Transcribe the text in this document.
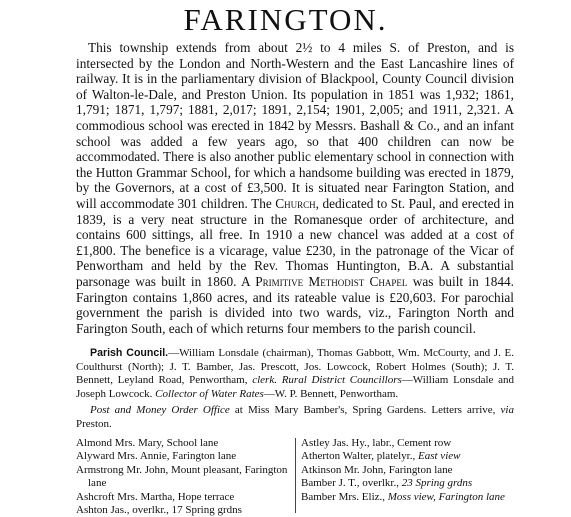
FARINGTON.

This township extends from about 2½ to 4 miles S. of Preston, and is intersected by the London and North-Western and the East Lancashire lines of railway. It is in the parliamentary division of Blackpool, County Council division of Walton-le-Dale, and Preston Union. Its population in 1851 was 1,932; 1861, 1,791; 1871, 1,797; 1881, 2,017; 1891, 2,154; 1901, 2,005; and 1911, 2,321. A commodious school was erected in 1842 by Messrs. Bashall & Co., and an infant school was added a few years ago, so that 400 children can now be accommodated. There is also another public elementary school in connection with the Hutton Grammar School, for which a handsome building was erected in 1879, by the Governors, at a cost of £3,500. It is situated near Farington Station, and will accommodate 301 children. The Church, dedicated to St. Paul, and erected in 1839, is a very neat structure in the Romanesque order of architecture, and contains 600 sittings, all free. In 1910 a new chancel was added at a cost of £1,800. The benefice is a vicarage, value £230, in the patronage of the Vicar of Penwortham and held by the Rev. Thomas Huntington, B.A. A substantial parsonage was built in 1860. A Primitive Methodist Chapel was built in 1844. Farington contains 1,860 acres, and its rateable value is £20,603. For parochial government the parish is divided into two wards, viz., Farington North and Farington South, each of which returns four members to the parish council.

Parish Council.—William Lonsdale (chairman), Thomas Gabbott, Wm. McCourty, and J. E. Coulthurst (North); J. T. Bamber, Jas. Prescott, Jos. Lowcock, Robert Holmes (South); J. T. Bennett, Leyland Road, Penwortham, clerk. Rural District Councillors—William Lonsdale and Joseph Lowcock. Collector of Water Rates—W. P. Bennett, Penwortham.

Post and Money Order Office at Miss Mary Bamber's, Spring Gardens. Letters arrive, via Preston.

Almond Mrs. Mary, School lane
Alyward Mrs. Annie, Farington lane
Armstrong Mr. John, Mount pleasant, Farington lane
Ashcroft Mrs. Martha, Hope terrace
Ashton Jas., overlkr., 17 Spring grdns
Astley Jas. Hy., labr., Cement row
Atherton Walter, platelyr., East view
Atkinson Mr. John, Farington lane
Bamber J. T., overlkr., 23 Spring grdns
Bamber Mrs. Eliz., Moss view, Farington lane
